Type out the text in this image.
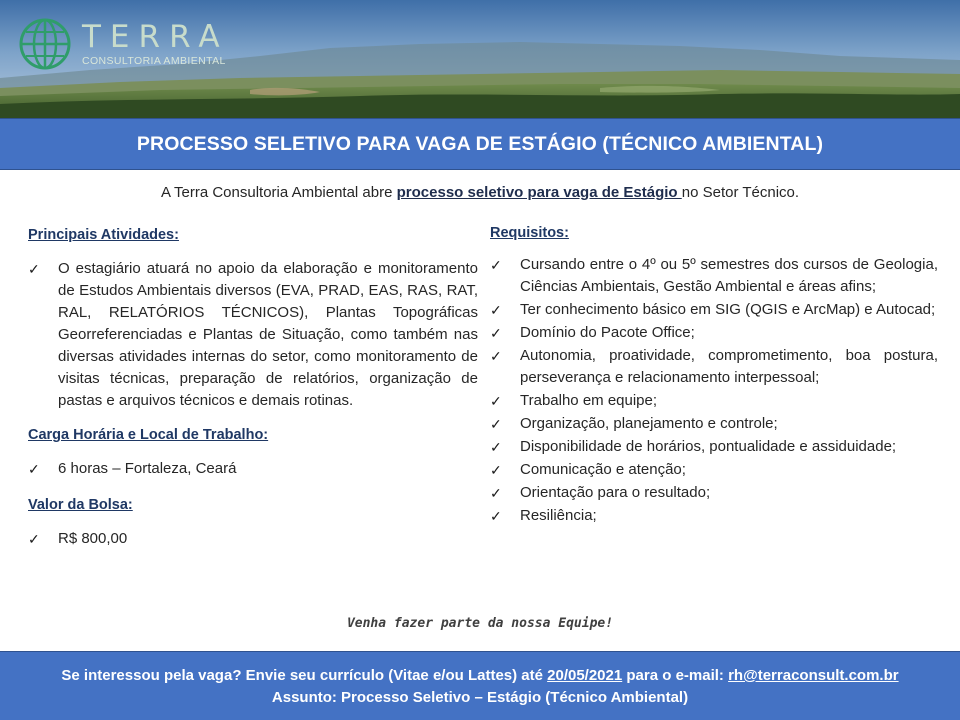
TERRA
CONSULTORIA AMBIENTAL
PROCESSO SELETIVO PARA VAGA DE ESTÁGIO (TÉCNICO AMBIENTAL)

A Terra Consultoria Ambiental abre processo seletivo para vaga de Estágio no Setor Técnico.

Principais Atividades:
✓ O estagiário atuará no apoio da elaboração e monitoramento de Estudos Ambientais diversos (EVA, PRAD, EAS, RAS, RAT, RAL, RELATÓRIOS TÉCNICOS), Plantas Topográficas Georreferenciadas e Plantas de Situação, como também nas diversas atividades internas do setor, como monitoramento de visitas técnicas, preparação de relatórios, organização de pastas e arquivos técnicos e demais rotinas.
Carga Horária e Local de Trabalho:
✓ 6 horas – Fortaleza, Ceará
Valor da Bolsa:
✓ R$ 800,00
Requisitos:
✓ Cursando entre o 4º ou 5º semestres dos cursos de Geologia, Ciências Ambientais, Gestão Ambiental e áreas afins;
✓ Ter conhecimento básico em SIG (QGIS e ArcMap) e Autocad;
✓ Domínio do Pacote Office;
✓ Autonomia, proatividade, comprometimento, boa postura, perseverança e relacionamento interpessoal;
✓ Trabalho em equipe;
✓ Organização, planejamento e controle;
✓ Disponibilidade de horários, pontualidade e assiduidade;
✓ Comunicação e atenção;
✓ Orientação para o resultado;
✓ Resiliência;

Venha fazer parte da nossa Equipe!

Se interessou pela vaga? Envie seu currículo (Vitae e/ou Lattes) até 20/05/2021 para o e-mail: rh@terraconsult.com.br
Assunto: Processo Seletivo – Estágio (Técnico Ambiental)
